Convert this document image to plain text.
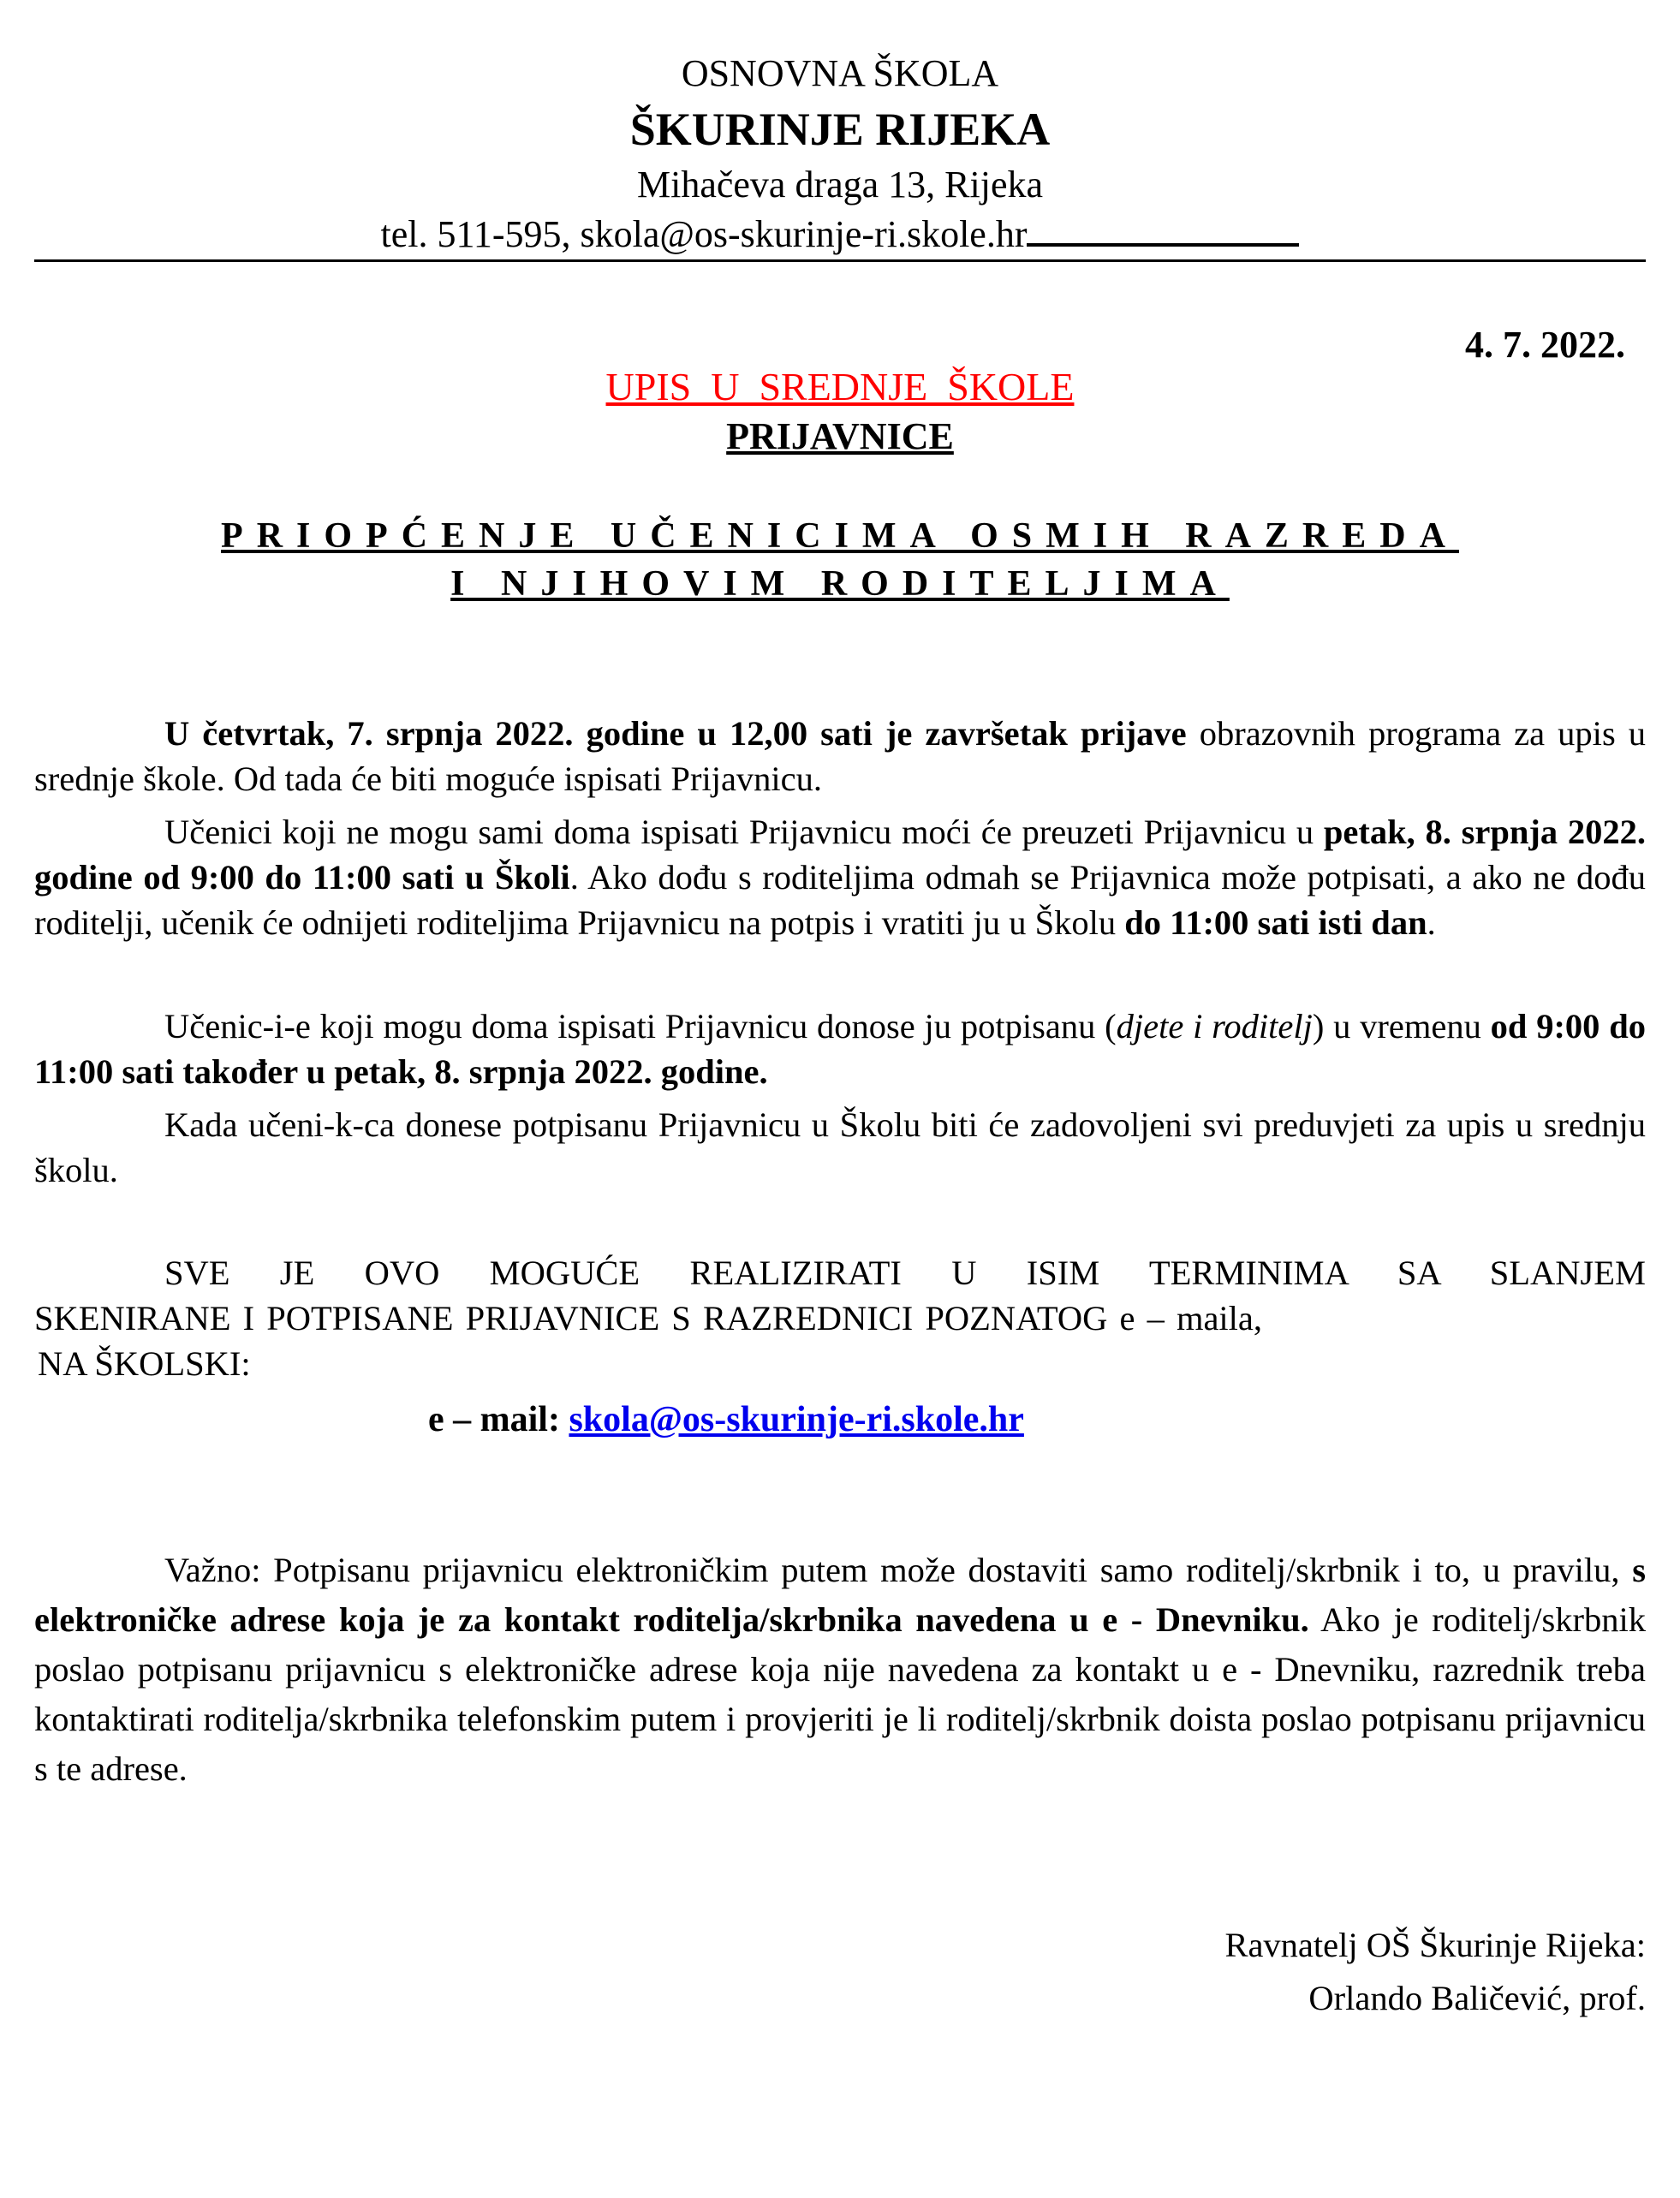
OSNOVNA ŠKOLA
ŠKURINJE RIJEKA
Mihačeva draga 13, Rijeka
tel. 511-595, skola@os-skurinje-ri.skole.hr
4. 7. 2022.
UPIS  U  SREDNJE  ŠKOLE
PRIJAVNICE
PRIOPĆENJE UČENICIMA OSMIH RAZREDA
I NJIHOVIM RODITELJIMA
U četvrtak, 7. srpnja 2022. godine u 12,00 sati je završetak prijave obrazovnih programa za upis u srednje škole. Od tada će biti moguće ispisati Prijavnicu.
Učenici koji ne mogu sami doma ispisati Prijavnicu moći će preuzeti Prijavnicu u petak, 8. srpnja 2022. godine od 9:00 do 11:00 sati u Školi. Ako dođu s roditeljima odmah se Prijavnica može potpisati, a ako ne dođu roditelji, učenik će odnijeti roditeljima Prijavnicu na potpis i vratiti ju u Školu do 11:00 sati isti dan.
Učenic-i-e koji mogu doma ispisati Prijavnicu donose ju potpisanu (djete i roditelj) u vremenu od 9:00 do 11:00 sati također u petak, 8. srpnja 2022. godine.
Kada učeni-k-ca donese potpisanu Prijavnicu u Školu biti će zadovoljeni svi preduvjeti za upis u srednju školu.
SVE JE OVO MOGUĆE REALIZIRATI U ISIM TERMINIMA SA SLANJEM
SKENIRANE I POTPISANE PRIJAVNICE S RAZREDNICI POZNATOG e – maila,
NA ŠKOLSKI:
e – mail: skola@os-skurinje-ri.skole.hr
Važno: Potpisanu prijavnicu elektroničkim putem može dostaviti samo roditelj/skrbnik i to, u pravilu, s elektroničke adrese koja je za kontakt roditelja/skrbnika navedena u e - Dnevniku. Ako je roditelj/skrbnik poslao potpisanu prijavnicu s elektroničke adrese koja nije navedena za kontakt u e - Dnevniku, razrednik treba kontaktirati roditelja/skrbnika telefonskim putem i provjeriti je li roditelj/skrbnik doista poslao potpisanu prijavnicu s te adrese.
Ravnatelj OŠ Škurinje Rijeka:
Orlando Baličević, prof.
